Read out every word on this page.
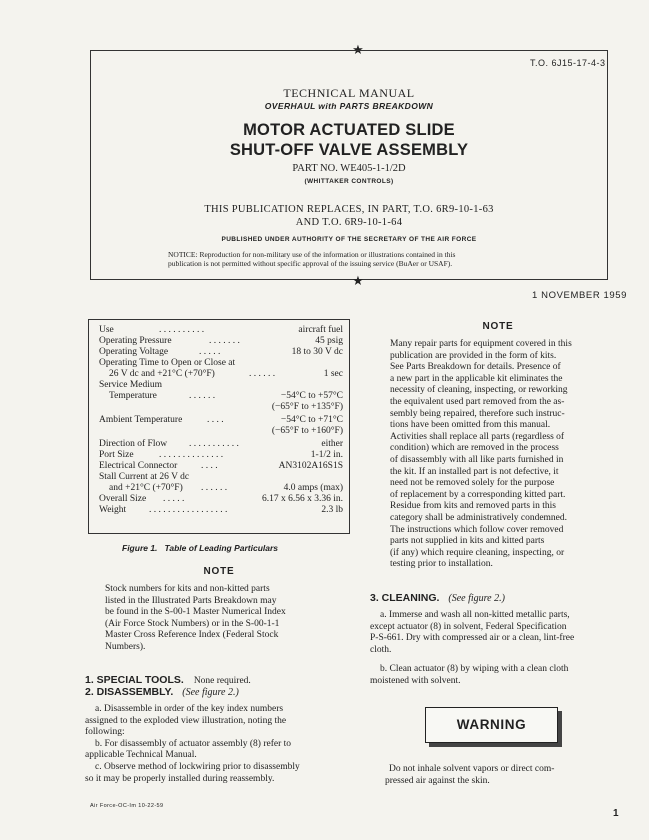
★
T.O. 6J15-17-4-3
TECHNICAL MANUAL
OVERHAUL with PARTS BREAKDOWN
MOTOR ACTUATED SLIDE
SHUT-OFF VALVE ASSEMBLY
PART NO. WE405-1-1/2D
(WHITTAKER CONTROLS)
THIS PUBLICATION REPLACES, IN PART, T.O. 6R9-10-1-63
AND T.O. 6R9-10-1-64
PUBLISHED UNDER AUTHORITY OF THE SECRETARY OF THE AIR FORCE
NOTICE: Reproduction for non-military use of the information or illustrations contained in this
publication is not permitted without specific approval of the issuing service (BuAer or USAF).
★
1 NOVEMBER 1959
Use	. . . . . . . . . .	aircraft fuel
Operating Pressure	. . . . . . .	45 psig
Operating Voltage	. . . . .	18 to 30 V dc
Operating Time to Open or Close at
26 V dc and +21°C (+70°F)	. . . . . .	1 sec
Service Medium
Temperature	. . . . . .	−54°C to +57°C
(−65°F to +135°F)
Ambient Temperature	. . . .	−54°C to +71°C
(−65°F to +160°F)
Direction of Flow . . . . . . . . . . .	either
Port Size	. . . . . . . . . . . . . .	1-1/2 in.
Electrical Connector . . . .	AN3102A16S1S
Stall Current at 26 V dc
and +21°C (+70°F) . . . . . .	4.0 amps (max)
Overall Size . . . . .	6.17 x 6.56 x 3.36 in.
Weight . . . . . . . . . . . . . . . . .	2.3 lb
Figure 1.   Table of Leading Particulars
NOTE
Stock numbers for kits and non-kitted parts
listed in the Illustrated Parts Breakdown may
be found in the S-00-1 Master Numerical Index
(Air Force Stock Numbers) or in the S-00-1-1
Master Cross Reference Index (Federal Stock
Numbers).
1. SPECIAL TOOLS. None required.
2. DISASSEMBLY. (See figure 2.)
a. Disassemble in order of the key index numbers
assigned to the exploded view illustration, noting the
following:
b. For disassembly of actuator assembly (8) refer to
applicable Technical Manual.
c. Observe method of lockwiring prior to disassembly
so it may be properly installed during reassembly.
NOTE
Many repair parts for equipment covered in this
publication are provided in the form of kits.
See Parts Breakdown for details. Presence of
a new part in the applicable kit eliminates the
necessity of cleaning, inspecting, or reworking
the equivalent used part removed from the as-
sembly being repaired, therefore such instruc-
tions have been omitted from this manual.
Activities shall replace all parts (regardless of
condition) which are removed in the process
of disassembly with all like parts furnished in
the kit. If an installed part is not defective, it
need not be removed solely for the purpose
of replacement by a corresponding kitted part.
Residue from kits and removed parts in this
category shall be administratively condemned.
The instructions which follow cover removed
parts not supplied in kits and kitted parts
(if any) which require cleaning, inspecting, or
testing prior to installation.
3. CLEANING. (See figure 2.)
a. Immerse and wash all non-kitted metallic parts,
except actuator (8) in solvent, Federal Specification
P-S-661. Dry with compressed air or a clean, lint-free
cloth.
b. Clean actuator (8) by wiping with a clean cloth
moistened with solvent.
WARNING
Do not inhale solvent vapors or direct com-
pressed air against the skin.
Air Force-OC-Im 10-22-59
1
